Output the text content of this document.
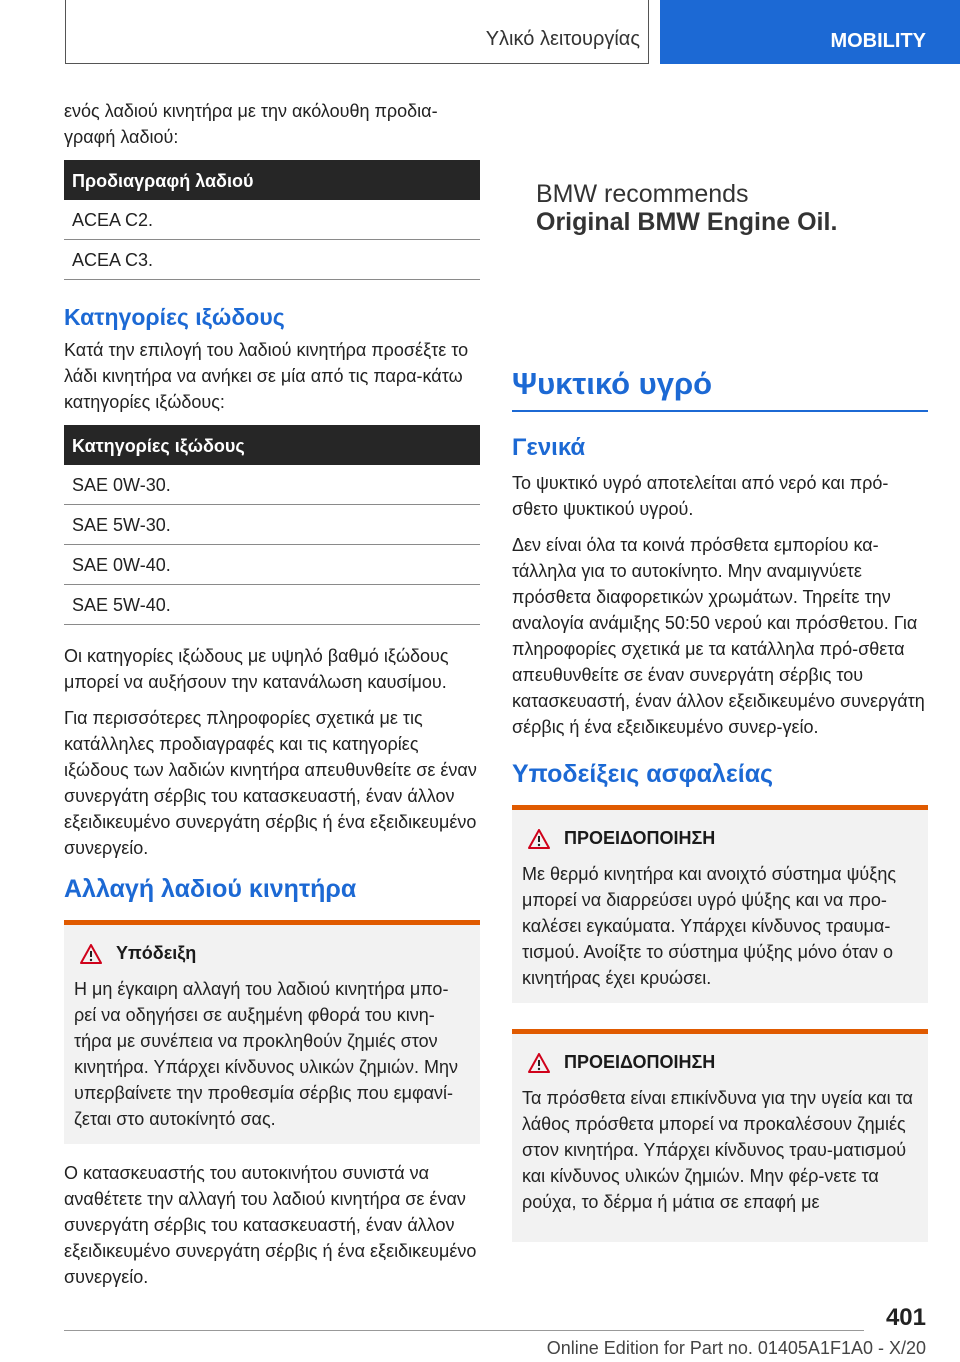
Υλικό λειτουργίας	MOBILITY

ενός λαδιού κινητήρα με την ακόλουθη προδια-γραφή λαδιού:

Προδιαγραφή λαδιού
ACEA C2.
ACEA C3.
Κατηγορίες ιξώδους

Κατά την επιλογή του λαδιού κινητήρα προσέξτε το λάδι κινητήρα να ανήκει σε μία από τις παρα-κάτω κατηγορίες ιξώδους:

Κατηγορίες ιξώδους
SAE 0W-30.
SAE 5W-30.
SAE 0W-40.
SAE 5W-40.

Οι κατηγορίες ιξώδους με υψηλό βαθμό ιξώδους μπορεί να αυξήσουν την κατανάλωση καυσίμου.

Για περισσότερες πληροφορίες σχετικά με τις κατάλληλες προδιαγραφές και τις κατηγορίες ιξώδους των λαδιών κινητήρα απευθυνθείτε σε έναν συνεργάτη σέρβις του κατασκευαστή, έναν άλλον εξειδικευμένο συνεργάτη σέρβις ή ένα εξειδικευμένο συνεργείο.

Αλλαγή λαδιού κινητήρα
Υπόδειξη

Η μη έγκαιρη αλλαγή του λαδιού κινητήρα μπο-ρεί να οδηγήσει σε αυξημένη φθορά του κινη-τήρα με συνέπεια να προκληθούν ζημιές στον κινητήρα. Υπάρχει κίνδυνος υλικών ζημιών. Μην υπερβαίνετε την προθεσμία σέρβις που εμφανί-ζεται στο αυτοκίνητό σας.

Ο κατασκευαστής του αυτοκινήτου συνιστά να αναθέτετε την αλλαγή του λαδιού κινητήρα σε έναν συνεργάτη σέρβις του κατασκευαστή, έναν άλλον εξειδικευμένο συνεργάτη σέρβις ή ένα εξειδικευμένο συνεργείο.

BMW recommends
Original BMW Engine Oil.
Ψυκτικό υγρό
Γενικά

Το ψυκτικό υγρό αποτελείται από νερό και πρό-σθετο ψυκτικού υγρού.

Δεν είναι όλα τα κοινά πρόσθετα εμπορίου κα-τάλληλα για το αυτοκίνητο. Μην αναμιγνύετε πρόσθετα διαφορετικών χρωμάτων. Τηρείτε την αναλογία ανάμιξης 50:50 νερού και πρόσθετου. Για πληροφορίες σχετικά με τα κατάλληλα πρό-σθετα απευθυνθείτε σε έναν συνεργάτη σέρβις του κατασκευαστή, έναν άλλον εξειδικευμένο συνεργάτη σέρβις ή ένα εξειδικευμένο συνερ-γείο.

Υποδείξεις ασφαλείας
ΠΡΟΕΙΔΟΠΟΙΗΣΗ

Με θερμό κινητήρα και ανοιχτό σύστημα ψύξης μπορεί να διαρρεύσει υγρό ψύξης και να προ-καλέσει εγκαύματα. Υπάρχει κίνδυνος τραυμα-τισμού. Ανοίξτε το σύστημα ψύξης μόνο όταν ο κινητήρας έχει κρυώσει.

ΠΡΟΕΙΔΟΠΟΙΗΣΗ

Τα πρόσθετα είναι επικίνδυνα για την υγεία και τα λάθος πρόσθετα μπορεί να προκαλέσουν ζημιές στον κινητήρα. Υπάρχει κίνδυνος τραυ-ματισμού και κίνδυνος υλικών ζημιών. Μην φέρ-νετε τα ρούχα, το δέρμα ή μάτια σε επαφή με

401
Online Edition for Part no. 01405A1F1A0 - X/20
